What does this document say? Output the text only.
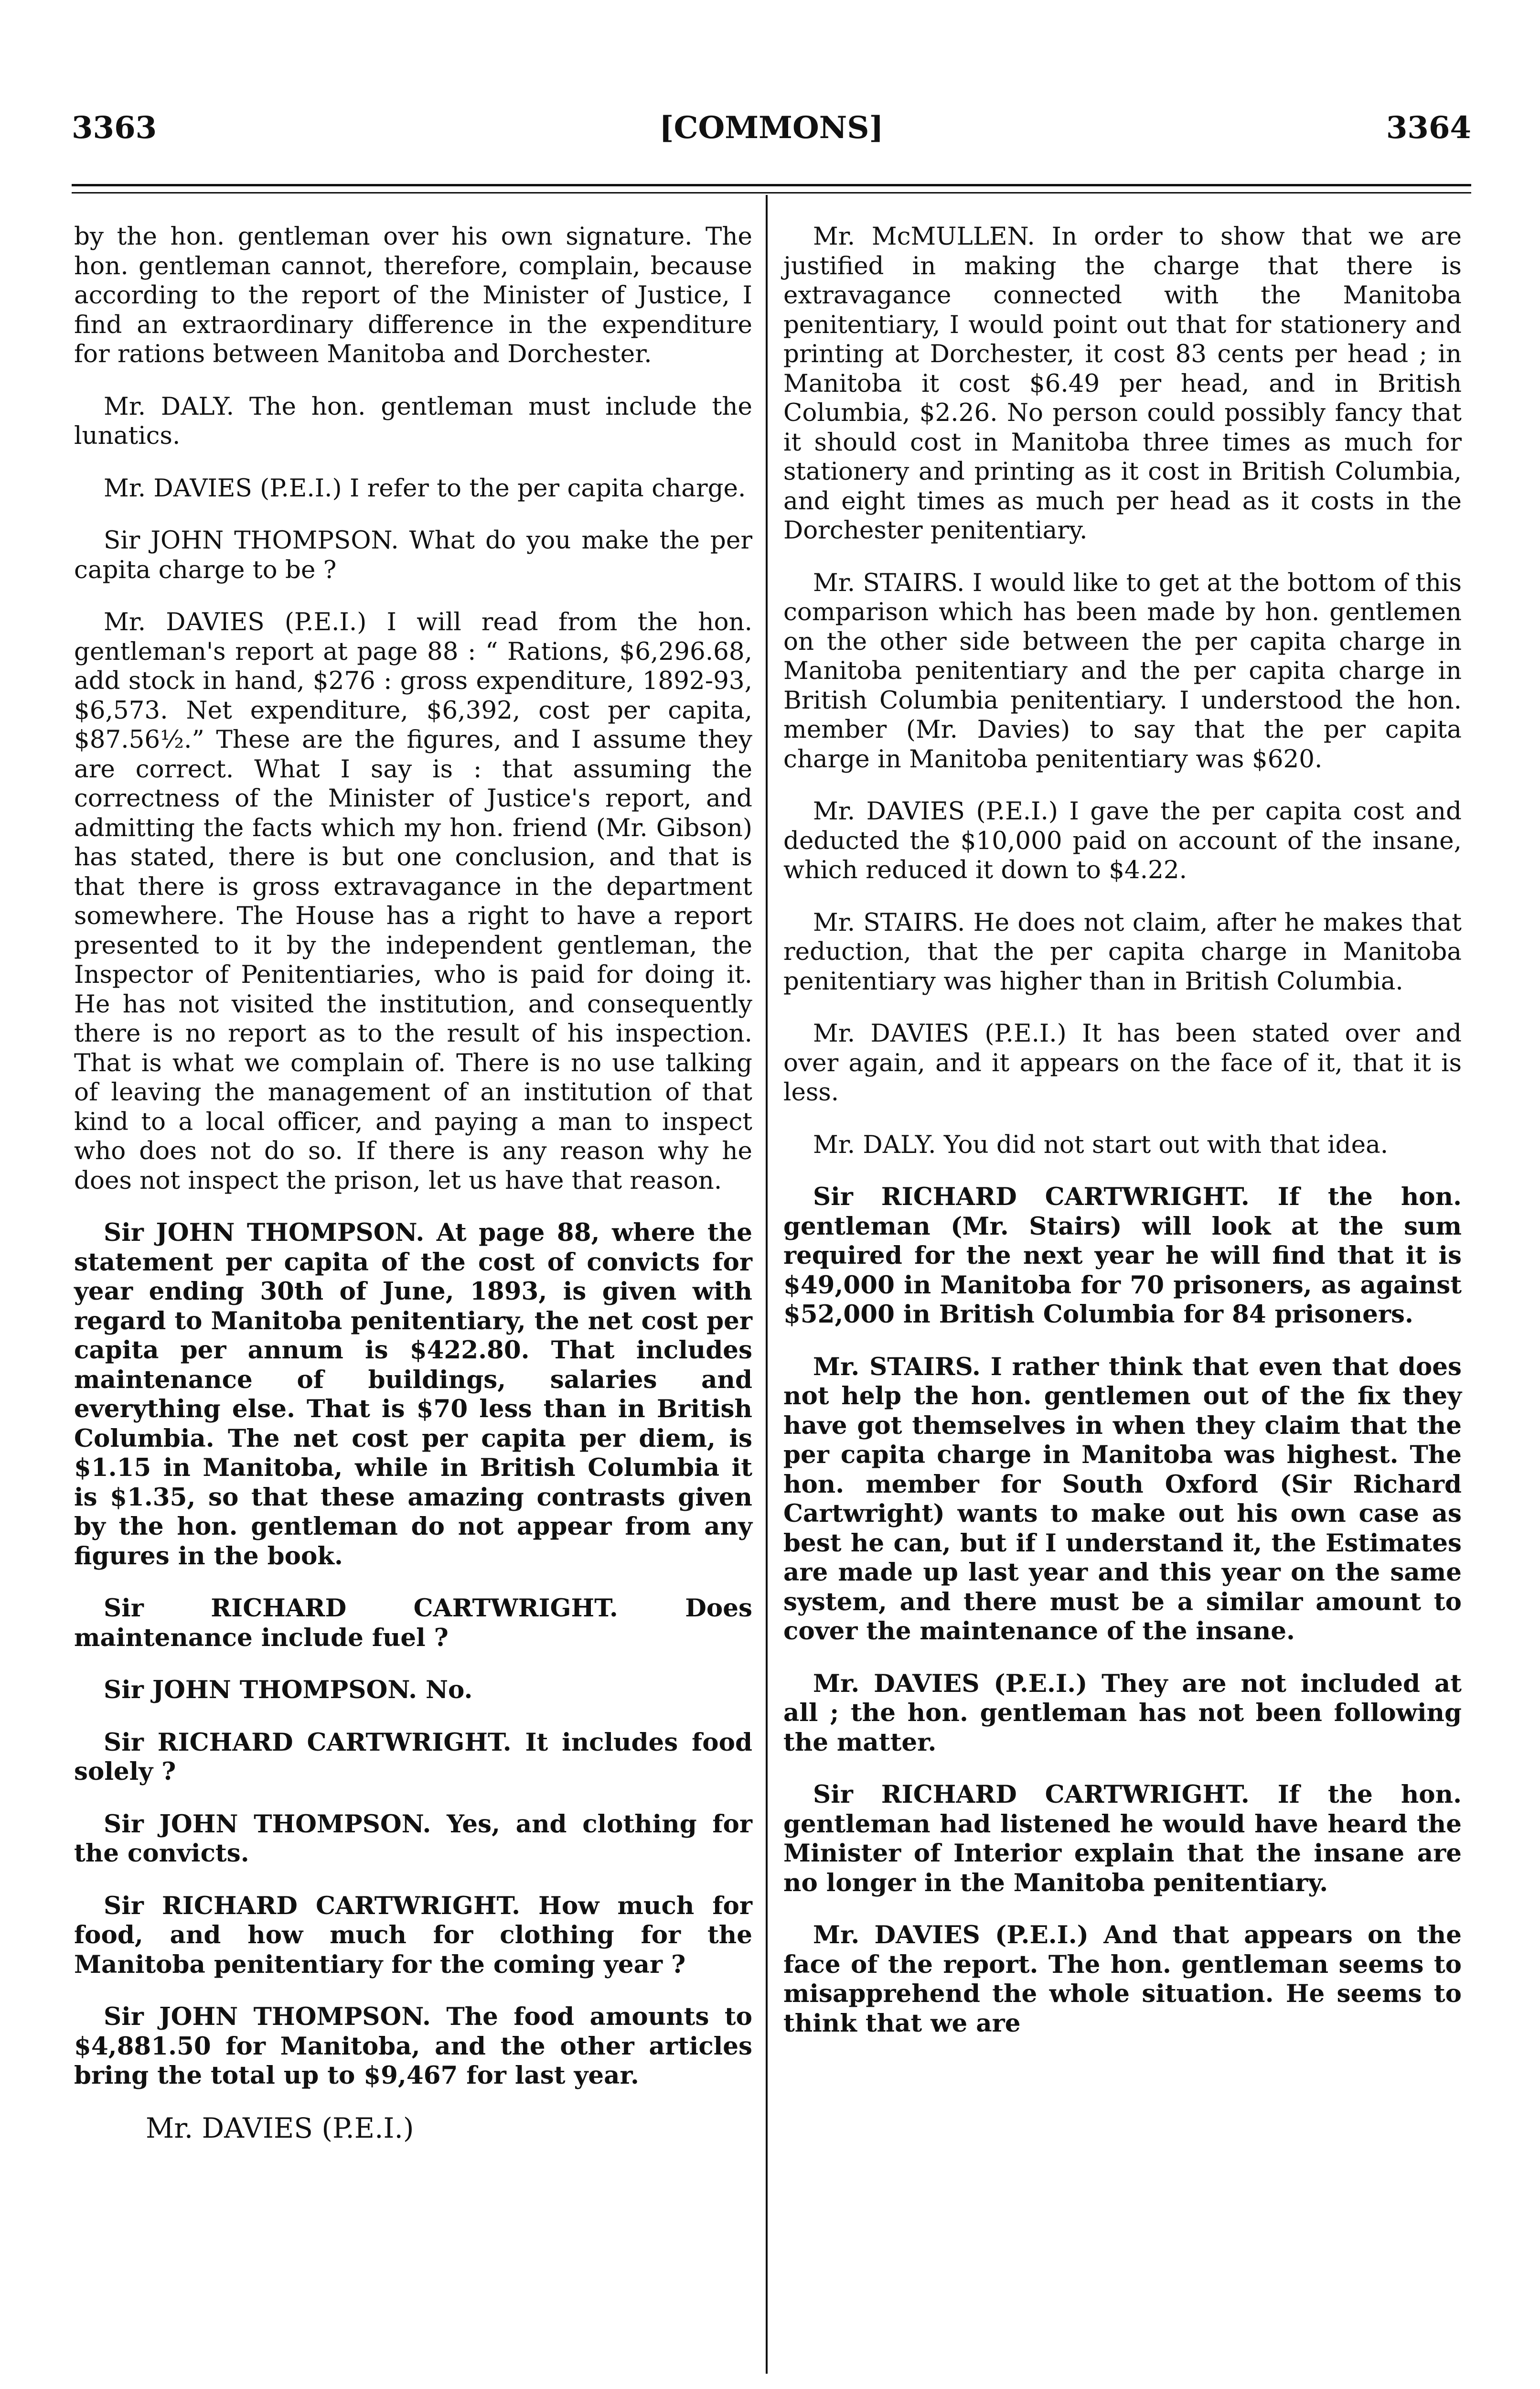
3363	[COMMONS]	3364

by the hon. gentleman over his own signature. The hon. gentleman cannot, therefore, complain, because according to the report of the Minister of Justice, I find an extraordinary difference in the expenditure for rations between Manitoba and Dorchester.

Mr. DALY. The hon. gentleman must include the lunatics.

Mr. DAVIES (P.E.I.) I refer to the per capita charge.

Sir JOHN THOMPSON. What do you make the per capita charge to be ?

Mr. DAVIES (P.E.I.) I will read from the hon. gentleman's report at page 88 : “ Rations, $6,296.68, add stock in hand, $276 : gross expenditure, 1892-93, $6,573. Net expenditure, $6,392, cost per capita, $87.56½.” These are the figures, and I assume they are correct. What I say is : that assuming the correctness of the Minister of Justice's report, and admitting the facts which my hon. friend (Mr. Gibson) has stated, there is but one conclusion, and that is that there is gross extravagance in the department somewhere. The House has a right to have a report presented to it by the independent gentleman, the Inspector of Penitentiaries, who is paid for doing it. He has not visited the institution, and consequently there is no report as to the result of his inspection. That is what we complain of. There is no use talking of leaving the management of an institution of that kind to a local officer, and paying a man to inspect who does not do so. If there is any reason why he does not inspect the prison, let us have that reason.

Sir JOHN THOMPSON. At page 88, where the statement per capita of the cost of convicts for year ending 30th of June, 1893, is given with regard to Manitoba penitentiary, the net cost per capita per annum is $422.80. That includes maintenance of buildings, salaries and everything else. That is $70 less than in British Columbia. The net cost per capita per diem, is $1.15 in Manitoba, while in British Columbia it is $1.35, so that these amazing contrasts given by the hon. gentleman do not appear from any figures in the book.

Sir RICHARD CARTWRIGHT. Does maintenance include fuel ?

Sir JOHN THOMPSON. No.

Sir RICHARD CARTWRIGHT. It includes food solely ?

Sir JOHN THOMPSON. Yes, and clothing for the convicts.

Sir RICHARD CARTWRIGHT. How much for food, and how much for clothing for the Manitoba penitentiary for the coming year ?

Sir JOHN THOMPSON. The food amounts to $4,881.50 for Manitoba, and the other articles bring the total up to $9,467 for last year.

Mr. DAVIES (P.E.I.)

Mr. McMULLEN. In order to show that we are justified in making the charge that there is extravagance connected with the Manitoba penitentiary, I would point out that for stationery and printing at Dorchester, it cost 83 cents per head ; in Manitoba it cost $6.49 per head, and in British Columbia, $2.26. No person could possibly fancy that it should cost in Manitoba three times as much for stationery and printing as it cost in British Columbia, and eight times as much per head as it costs in the Dorchester penitentiary.

Mr. STAIRS. I would like to get at the bottom of this comparison which has been made by hon. gentlemen on the other side between the per capita charge in Manitoba penitentiary and the per capita charge in British Columbia penitentiary. I understood the hon. member (Mr. Davies) to say that the per capita charge in Manitoba penitentiary was $620.

Mr. DAVIES (P.E.I.) I gave the per capita cost and deducted the $10,000 paid on account of the insane, which reduced it down to $4.22.

Mr. STAIRS. He does not claim, after he makes that reduction, that the per capita charge in Manitoba penitentiary was higher than in British Columbia.

Mr. DAVIES (P.E.I.) It has been stated over and over again, and it appears on the face of it, that it is less.

Mr. DALY. You did not start out with that idea.

Sir RICHARD CARTWRIGHT. If the hon. gentleman (Mr. Stairs) will look at the sum required for the next year he will find that it is $49,000 in Manitoba for 70 prisoners, as against $52,000 in British Columbia for 84 prisoners.

Mr. STAIRS. I rather think that even that does not help the hon. gentlemen out of the fix they have got themselves in when they claim that the per capita charge in Manitoba was highest. The hon. member for South Oxford (Sir Richard Cartwright) wants to make out his own case as best he can, but if I understand it, the Estimates are made up last year and this year on the same system, and there must be a similar amount to cover the maintenance of the insane.

Mr. DAVIES (P.E.I.) They are not included at all ; the hon. gentleman has not been following the matter.

Sir RICHARD CARTWRIGHT. If the hon. gentleman had listened he would have heard the Minister of Interior explain that the insane are no longer in the Manitoba penitentiary.

Mr. DAVIES (P.E.I.) And that appears on the face of the report. The hon. gentleman seems to misapprehend the whole situation. He seems to think that we are
